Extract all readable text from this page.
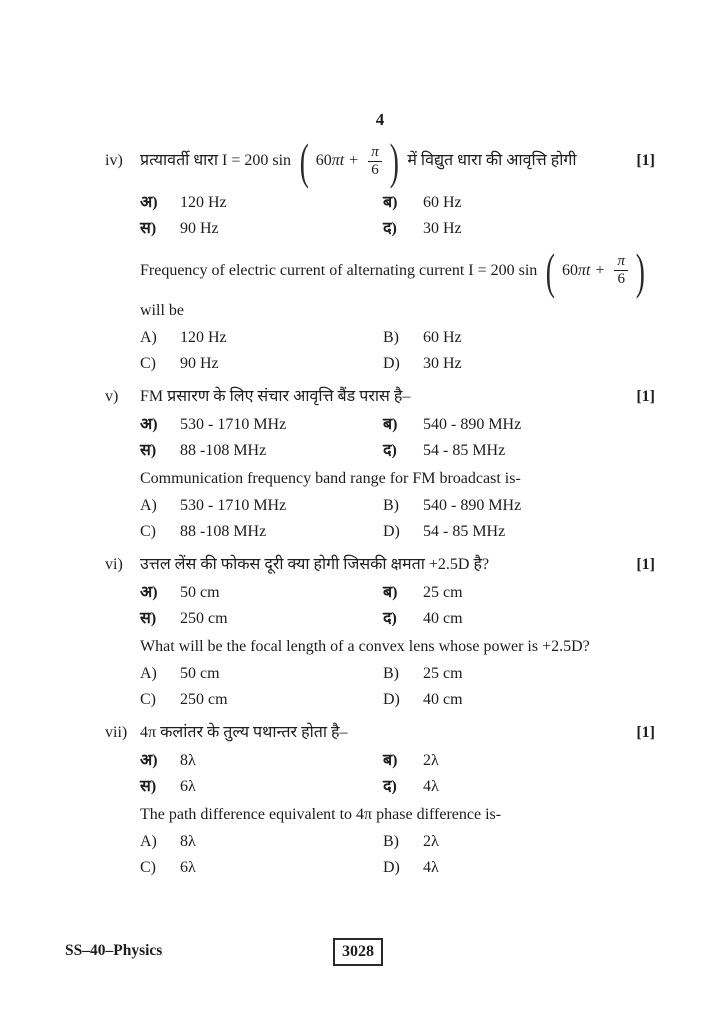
4
iv)	प्रत्यावर्ती धारा I = 200 sin ( $60\pi t + \frac{\pi}{6}$ ) में विद्युत धारा की आवृत्ति होगी	[1]
अ)	120 Hz	ब)	60 Hz
स)	90 Hz	द)	30 Hz
Frequency of electric current of alternating current I = 200 sin ( $60\pi t + \frac{\pi}{6}$ )
will be
A)	120 Hz	B)	60 Hz
C)	90 Hz	D)	30 Hz
v)	FM प्रसारण के लिए संचार आवृत्ति बैंड परास है–	[1]
अ)	530 - 1710 MHz	ब)	540 - 890 MHz
स)	88 -108 MHz	द)	54 - 85 MHz
Communication frequency band range for FM broadcast is-
A)	530 - 1710 MHz	B)	540 - 890 MHz
C)	88 -108 MHz	D)	54 - 85 MHz
vi)	उत्तल लेंस की फोकस दूरी क्या होगी जिसकी क्षमता +2.5D है?	[1]
अ)	50 cm	ब)	25 cm
स)	250 cm	द)	40 cm
What will be the focal length of a convex lens whose power is +2.5D?
A)	50 cm	B)	25 cm
C)	250 cm	D)	40 cm
vii) 4π कलांतर के तुल्य पथान्तर होता है–	[1]
अ)	8λ	ब)	2λ
स)	6λ	द)	4λ
The path difference equivalent to 4π phase difference is-
A)	8λ	B)	2λ
C)	6λ	D)	4λ
SS–40–Physics	3028
